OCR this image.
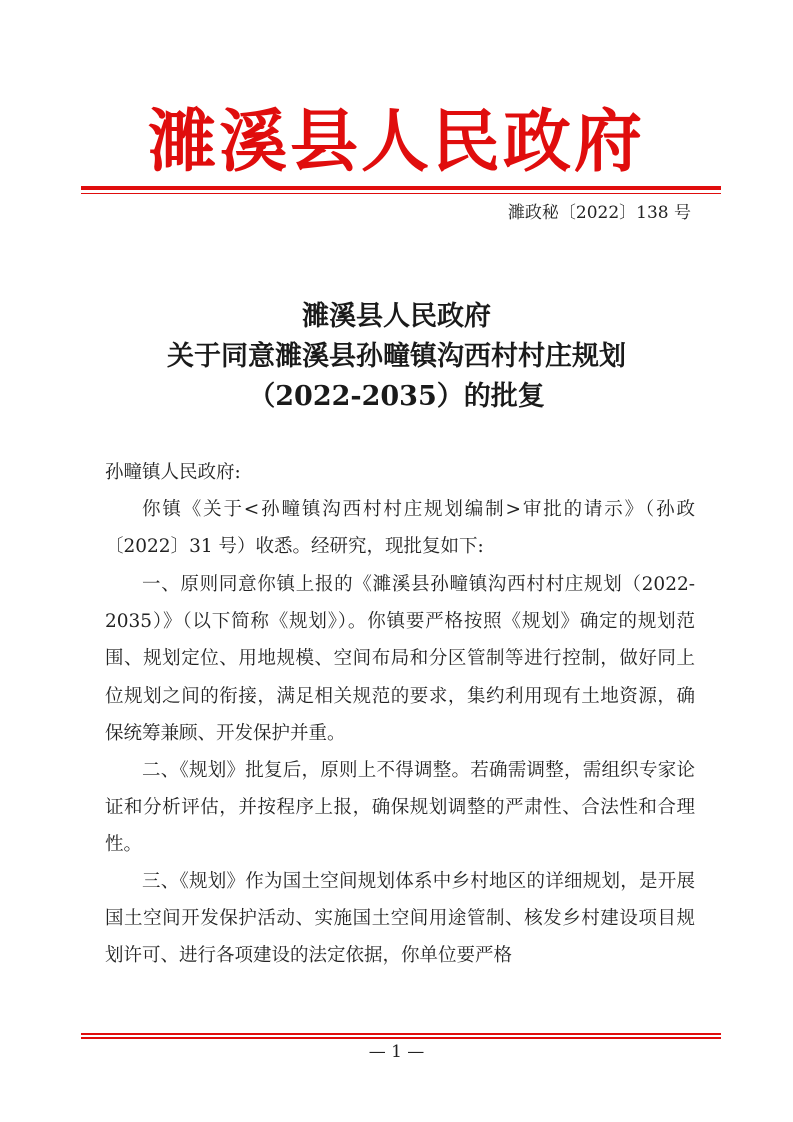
濉溪县人民政府
濉政秘〔2022〕138 号
濉溪县人民政府
关于同意濉溪县孙疃镇沟西村村庄规划
（2022-2035）的批复
孙疃镇人民政府:
你镇《关于<孙疃镇沟西村村庄规划编制>审批的请示》（孙政〔2022〕31 号）收悉。经研究，现批复如下:
一、原则同意你镇上报的《濉溪县孙疃镇沟西村村庄规划（2022-2035）》（以下简称《规划》）。你镇要严格按照《规划》确定的规划范围、规划定位、用地规模、空间布局和分区管制等进行控制，做好同上位规划之间的衔接，满足相关规范的要求，集约利用现有土地资源，确保统筹兼顾、开发保护并重。
二、《规划》批复后，原则上不得调整。若确需调整，需组织专家论证和分析评估，并按程序上报，确保规划调整的严肃性、合法性和合理性。
三、《规划》作为国土空间规划体系中乡村地区的详细规划，是开展国土空间开发保护活动、实施国土空间用途管制、核发乡村建设项目规划许可、进行各项建设的法定依据，你单位要严格
— 1 —
